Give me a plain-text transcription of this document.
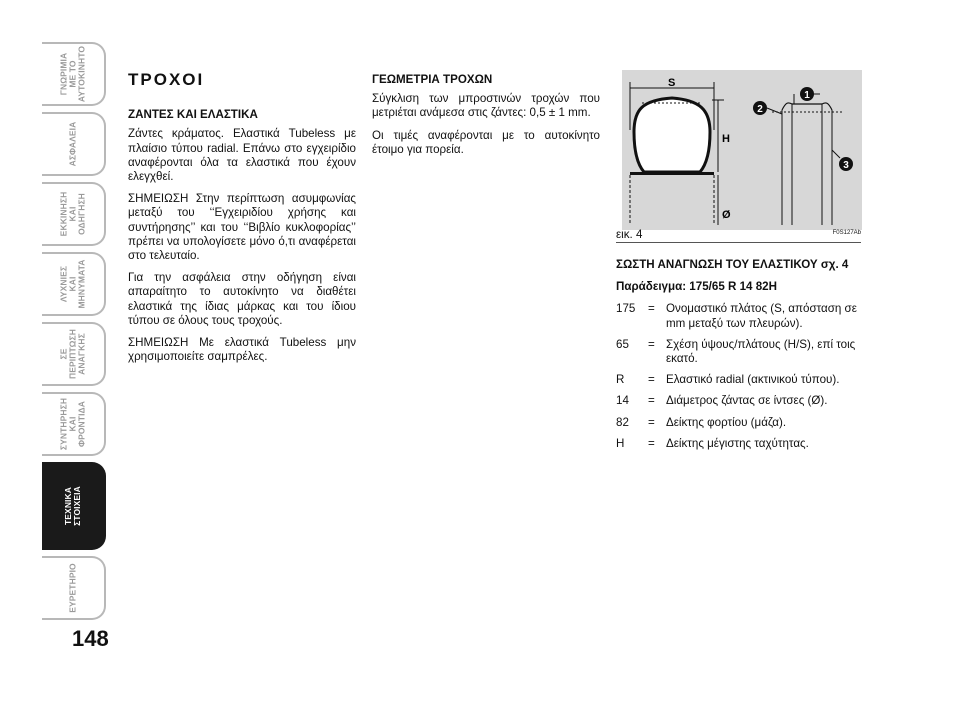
ΓΝΩΡΙΜΙΑ
ΜΕ ΤΟ
ΑΥΤΟΚΙΝΗΤΟ
ΑΣΦΑΛΕΙΑ
ΕΚΚΙΝΗΣΗ
ΚΑΙ
ΟΔΗΓΗΣΗ
ΛΥΧΝΙΕΣ
ΚΑΙ
ΜΗΝΥΜΑΤΑ
ΣΕ
ΠΕΡΙΠΤΩΣΗ
ΑΝΑΓΚΗΣ
ΣΥΝΤΗΡΗΣΗ
ΚΑΙ
ΦΡΟΝΤΙΔΑ
ΤΕΧΝΙΚΑ
ΣΤΟΙΧΕΙΑ
ΕΥΡΕΤΗΡΙΟ
148
ΤΡΟΧΟΙ
ΖΑΝΤΕΣ ΚΑΙ ΕΛΑΣΤΙΚΑ

Ζάντες κράματος. Ελαστικά Tubeless με πλαίσιο τύπου radial. Επάνω στο εγχειρίδιο αναφέρονται όλα τα ελαστικά που έχουν ελεγχθεί.

ΣΗΜΕΙΩΣΗ Στην περίπτωση ασυμφωνίας μεταξύ του ‘‘Εγχειριδίου χρήσης και συντήρησης’’ και του ‘‘Βιβλίο κυκλοφορίας’’ πρέπει να υπολογίσετε μόνο ό,τι αναφέρεται στο τελευταίο.

Για την ασφάλεια στην οδήγηση είναι απαραίτητο το αυτοκίνητο να διαθέτει ελαστικά της ίδιας μάρκας και του ίδιου τύπου σε όλους τους τροχούς.

ΣΗΜΕΙΩΣΗ Με ελαστικά Tubeless μην χρησιμοποιείτε σαμπρέλες.

ΓΕΩΜΕΤΡΙΑ ΤΡΟΧΩΝ

Σύγκλιση των μπροστινών τροχών που μετριέται ανάμεσα στις ζάντες: 0,5 ± 1 mm.

Οι τιμές αναφέρονται με το αυτοκίνητο έτοιμο για πορεία.

S
H
Ø
1
2
3
εικ. 4	F0S127Ab
ΣΩΣΤΗ ΑΝΑΓΝΩΣΗ ΤΟΥ ΕΛΑΣΤΙΚΟΥ σχ. 4
Παράδειγμα: 175/65 R 14 82H
175	= Ονομαστικό πλάτος (S, απόσταση σε mm μεταξύ των πλευρών).
65	= Σχέση ύψους/πλάτους (H/S), επί τοις εκατό.
R	= Ελαστικό radial (ακτινικού τύπου).
14	= Διάμετρος ζάντας σε ίντσες (Ø).
82	= Δείκτης φορτίου (μάζα).
H	= Δείκτης μέγιστης ταχύτητας.
